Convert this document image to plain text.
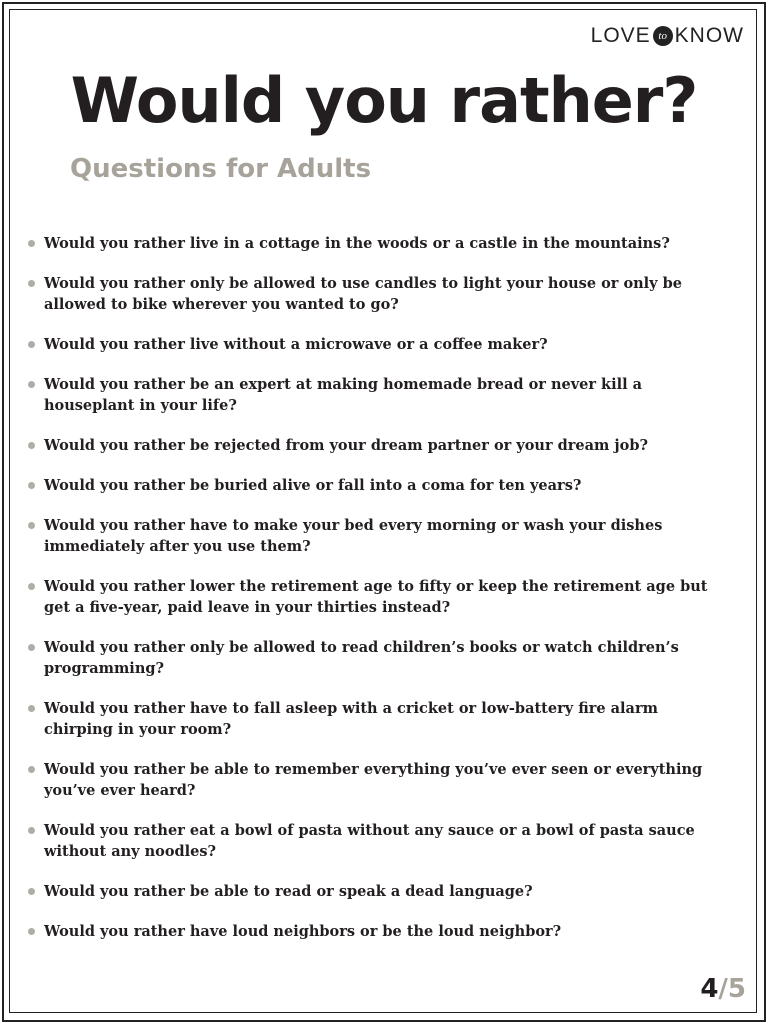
LOVE to KNOW
Would you rather?
Questions for Adults
Would you rather live in a cottage in the woods or a castle in the mountains?
Would you rather only be allowed to use candles to light your house or only be allowed to bike wherever you wanted to go?
Would you rather live without a microwave or a coffee maker?
Would you rather be an expert at making homemade bread or never kill a houseplant in your life?
Would you rather be rejected from your dream partner or your dream job?
Would you rather be buried alive or fall into a coma for ten years?
Would you rather have to make your bed every morning or wash your dishes immediately after you use them?
Would you rather lower the retirement age to fifty or keep the retirement age but get a five-year, paid leave in your thirties instead?
Would you rather only be allowed to read children’s books or watch children’s programming?
Would you rather have to fall asleep with a cricket or low-battery fire alarm chirping in your room?
Would you rather be able to remember everything you’ve ever seen or everything you’ve ever heard?
Would you rather eat a bowl of pasta without any sauce or a bowl of pasta sauce without any noodles?
Would you rather be able to read or speak a dead language?
Would you rather have loud neighbors or be the loud neighbor?
4/5
